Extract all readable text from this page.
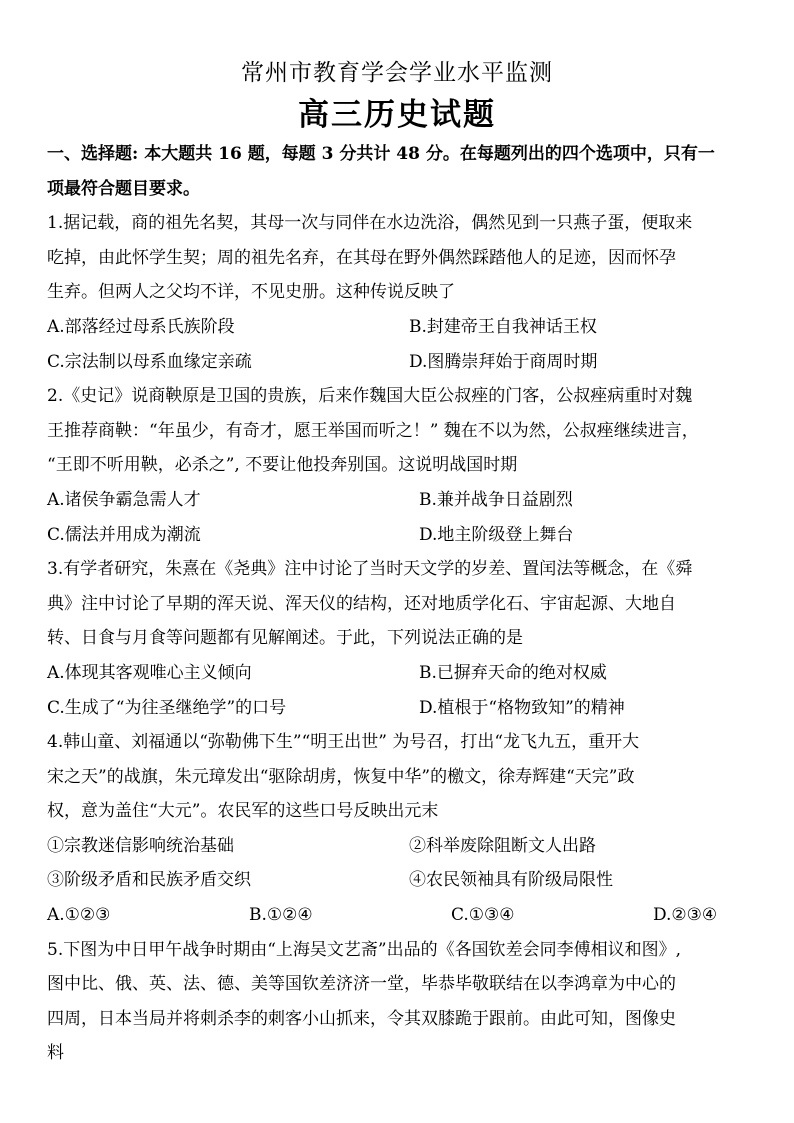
常州市教育学会学业水平监测
高三历史试题
一、选择题: 本大题共 16 题，每题 3 分共计 48 分。在每题列出的四个选项中，只有一
项最符合题目要求。
1.据记载，商的祖先名契，其母一次与同伴在水边洗浴，偶然见到一只燕子蛋，便取来
吃掉，由此怀学生契；周的祖先名弃，在其母在野外偶然踩踏他人的足迹，因而怀孕
生弃。但两人之父均不详，不见史册。这种传说反映了
A.部落经过母系氏族阶段	B.封建帝王自我神话王权
C.宗法制以母系血缘定亲疏	D.图腾崇拜始于商周时期
2.《史记》说商鞅原是卫国的贵族，后来作魏国大臣公叔痤的门客，公叔痤病重时对魏
王推荐商鞅：“年虽少，有奇才，愿王举国而听之！” 魏在不以为然，公叔痤继续进言，
“王即不听用鞅，必杀之”, 不要让他投奔别国。这说明战国时期
A.诸侯争霸急需人才	B.兼并战争日益剧烈
C.儒法并用成为潮流	D.地主阶级登上舞台
3.有学者研究，朱熹在《尧典》注中讨论了当时天文学的岁差、置闰法等概念，在《舜
典》注中讨论了早期的浑天说、浑天仪的结构，还对地质学化石、宇宙起源、大地自
转、日食与月食等问题都有见解阐述。于此，下列说法正确的是
A.体现其客观唯心主义倾向	B.已摒弃天命的绝对权威
C.生成了“为往圣继绝学”的口号	D.植根于“格物致知”的精神
4.韩山童、刘福通以“弥勒佛下生”“明王出世” 为号召，打出“龙飞九五，重开大
宋之天”的战旗，朱元璋发出“驱除胡虏，恢复中华”的檄文，徐寿辉建“天完”政
权，意为盖住“大元”。农民军的这些口号反映出元末
①宗教迷信影响统治基础	②科举废除阻断文人出路
③阶级矛盾和民族矛盾交织	④农民领袖具有阶级局限性
A.①②③	B.①②④	C.①③④	D.②③④
5.下图为中日甲午战争时期由“上海吴文艺斋”出品的《各国钦差会同李傅相议和图》,
图中比、俄、英、法、德、美等国钦差济济一堂，毕恭毕敬联结在以李鸿章为中心的
四周，日本当局并将刺杀李的刺客小山抓来，令其双膝跪于跟前。由此可知，图像史
料
